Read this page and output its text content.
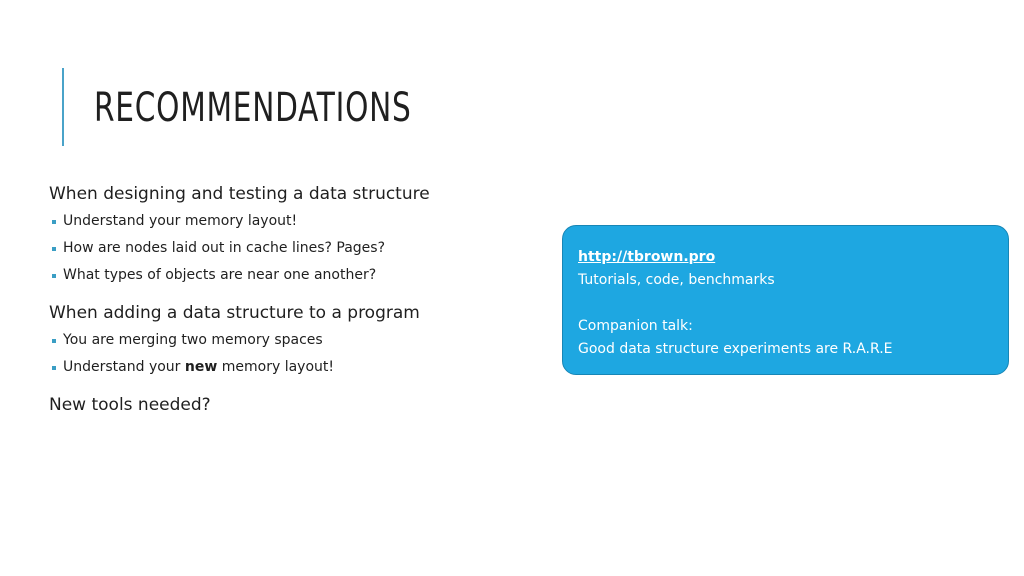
RECOMMENDATIONS

When designing and testing a data structure

Understand your memory layout!
How are nodes laid out in cache lines? Pages?
What types of objects are near one another?

When adding a data structure to a program

You are merging two memory spaces
Understand your new memory layout!

New tools needed?

http://tbrown.pro

Tutorials, code, benchmarks

Companion talk:

Good data structure experiments are R.A.R.E
